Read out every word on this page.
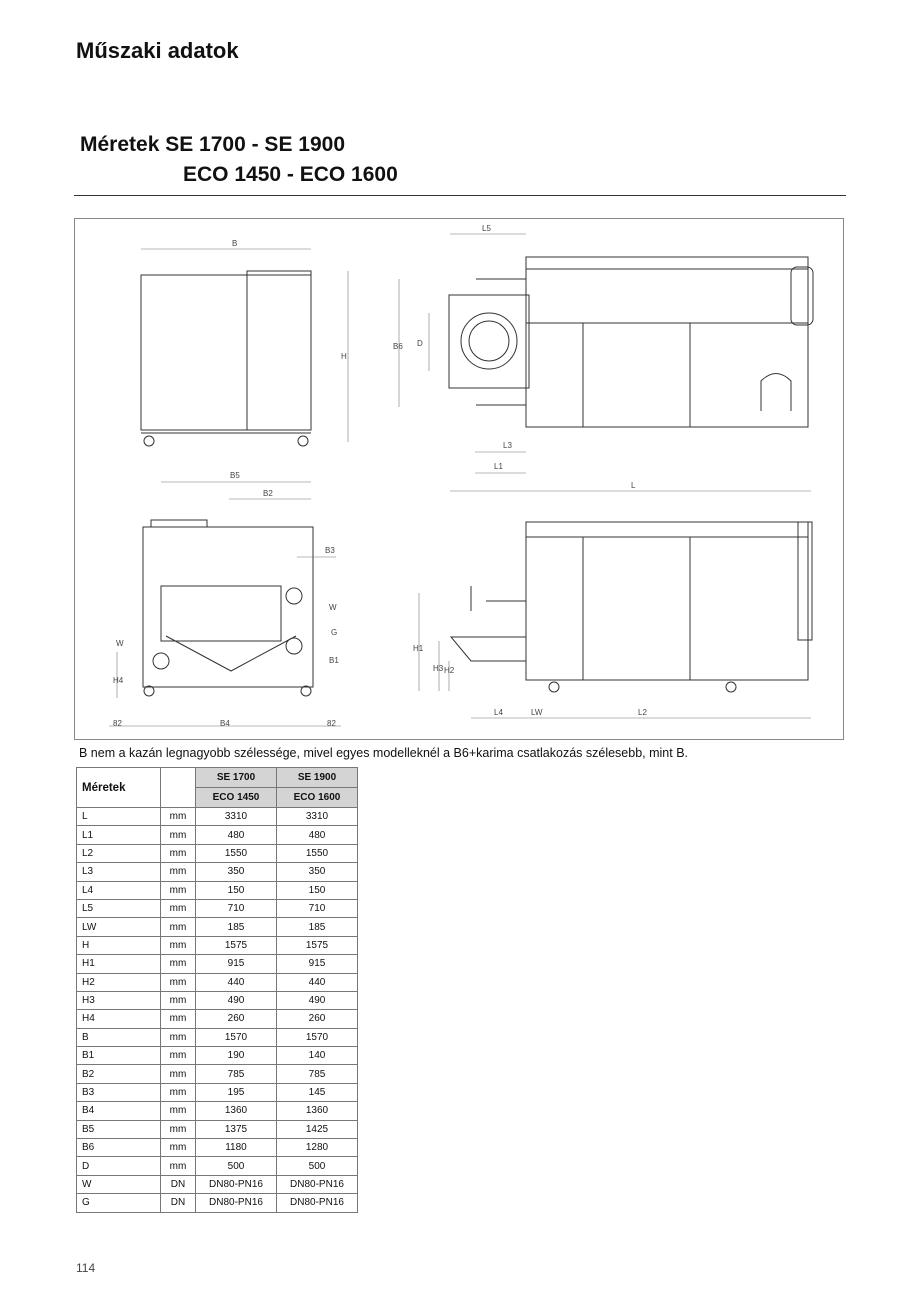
Műszaki adatok
Méretek SE 1700 - SE 1900
ECO 1450 - ECO 1600
B
H
L5
B6 D
L3
L1
L
B5
B2
B3
W
G
B1
W
H4
82	B4	82
H1
H3 H2
L4	LW	L2
B nem a kazán legnagyobb szélessége, mivel egyes modelleknél a B6+karima csatlakozás szélesebb, mint B.
Méretek		SE 1700	SE 1900
		ECO 1450	ECO 1600
L	mm	3310	3310
L1	mm	480	480
L2	mm	1550	1550
L3	mm	350	350
L4	mm	150	150
L5	mm	710	710
LW	mm	185	185
H	mm	1575	1575
H1	mm	915	915
H2	mm	440	440
H3	mm	490	490
H4	mm	260	260
B	mm	1570	1570
B1	mm	190	140
B2	mm	785	785
B3	mm	195	145
B4	mm	1360	1360
B5	mm	1375	1425
B6	mm	1180	1280
D	mm	500	500
W	DN	DN80-PN16	DN80-PN16
G	DN	DN80-PN16	DN80-PN16
114
